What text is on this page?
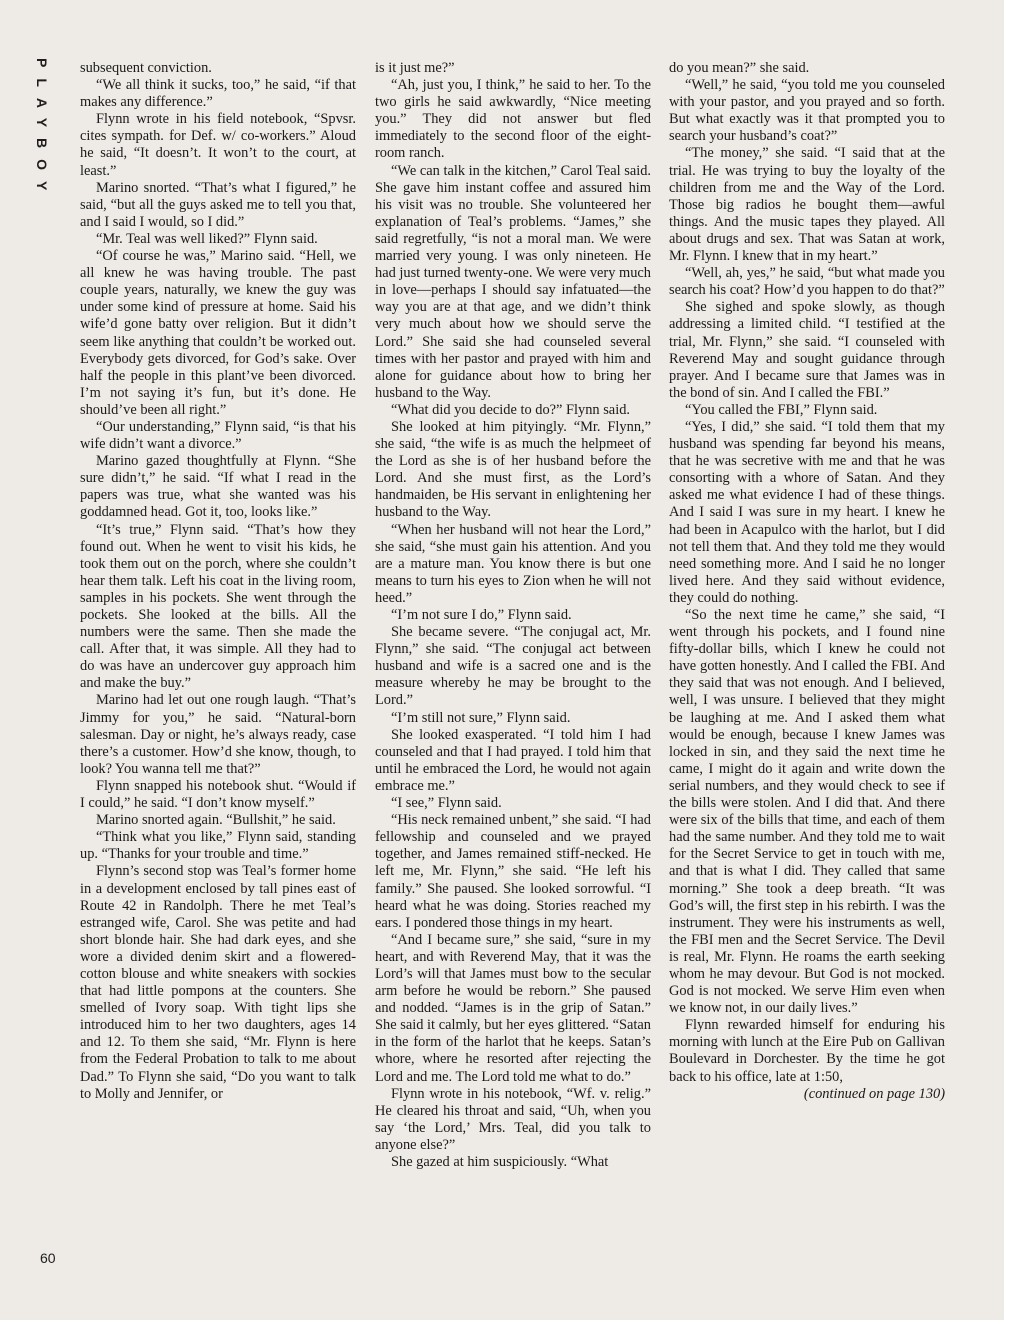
PLAYBOY subsequent conviction.

“We all think it sucks, too,” he said, “if that makes any difference.”

Flynn wrote in his field notebook, “Spvsr. cites sympath. for Def. w/ co-workers.” Aloud he said, “It doesn’t. It won’t to the court, at least.”

Marino snorted. “That’s what I figured,” he said, “but all the guys asked me to tell you that, and I said I would, so I did.”

“Mr. Teal was well liked?” Flynn said.

“Of course he was,” Marino said. “Hell, we all knew he was having trouble. The past couple years, naturally, we knew the guy was under some kind of pressure at home. Said his wife’d gone batty over religion. But it didn’t seem like anything that couldn’t be worked out. Everybody gets divorced, for God’s sake. Over half the people in this plant’ve been divorced. I’m not saying it’s fun, but it’s done. He should’ve been all right.”

“Our understanding,” Flynn said, “is that his wife didn’t want a divorce.”

Marino gazed thoughtfully at Flynn. “She sure didn’t,” he said. “If what I read in the papers was true, what she wanted was his goddamned head. Got it, too, looks like.”

“It’s true,” Flynn said. “That’s how they found out. When he went to visit his kids, he took them out on the porch, where she couldn’t hear them talk. Left his coat in the living room, samples in his pockets. She went through the pockets. She looked at the bills. All the numbers were the same. Then she made the call. After that, it was simple. All they had to do was have an undercover guy approach him and make the buy.”

Marino had let out one rough laugh. “That’s Jimmy for you,” he said. “Natural-born salesman. Day or night, he’s always ready, case there’s a customer. How’d she know, though, to look? You wanna tell me that?”

Flynn snapped his notebook shut. “Would if I could,” he said. “I don’t know myself.”

Marino snorted again. “Bullshit,” he said.

“Think what you like,” Flynn said, standing up. “Thanks for your trouble and time.”

Flynn’s second stop was Teal’s former home in a development enclosed by tall pines east of Route 42 in Randolph. There he met Teal’s estranged wife, Carol. She was petite and had short blonde hair. She had dark eyes, and she wore a divided denim skirt and a flowered-cotton blouse and white sneakers with sockies that had little pompons at the counters. She smelled of Ivory soap. With tight lips she introduced him to her two daughters, ages 14 and 12. To them she said, “Mr. Flynn is here from the Federal Probation to talk to me about Dad.” To Flynn she said, “Do you want to talk to Molly and Jennifer, or

is it just me?”

“Ah, just you, I think,” he said to her. To the two girls he said awkwardly, “Nice meeting you.” They did not answer but fled immediately to the second floor of the eight-room ranch.

“We can talk in the kitchen,” Carol Teal said. She gave him instant coffee and assured him his visit was no trouble. She volunteered her explanation of Teal’s problems. “James,” she said regretfully, “is not a moral man. We were married very young. I was only nineteen. He had just turned twenty-one. We were very much in love—perhaps I should say infatuated—the way you are at that age, and we didn’t think very much about how we should serve the Lord.” She said she had counseled several times with her pastor and prayed with him and alone for guidance about how to bring her husband to the Way.

“What did you decide to do?” Flynn said.

She looked at him pityingly. “Mr. Flynn,” she said, “the wife is as much the helpmeet of the Lord as she is of her husband before the Lord. And she must first, as the Lord’s handmaiden, be His servant in enlightening her husband to the Way.

“When her husband will not hear the Lord,” she said, “she must gain his attention. And you are a mature man. You know there is but one means to turn his eyes to Zion when he will not heed.”

“I’m not sure I do,” Flynn said.

She became severe. “The conjugal act, Mr. Flynn,” she said. “The conjugal act between husband and wife is a sacred one and is the measure whereby he may be brought to the Lord.”

“I’m still not sure,” Flynn said.

She looked exasperated. “I told him I had counseled and that I had prayed. I told him that until he embraced the Lord, he would not again embrace me.”

“I see,” Flynn said.

“His neck remained unbent,” she said. “I had fellowship and counseled and we prayed together, and James remained stiff-necked. He left me, Mr. Flynn,” she said. “He left his family.” She paused. She looked sorrowful. “I heard what he was doing. Stories reached my ears. I pondered those things in my heart.

“And I became sure,” she said, “sure in my heart, and with Reverend May, that it was the Lord’s will that James must bow to the secular arm before he would be reborn.” She paused and nodded. “James is in the grip of Satan.” She said it calmly, but her eyes glittered. “Satan in the form of the harlot that he keeps. Satan’s whore, where he resorted after rejecting the Lord and me. The Lord told me what to do.”

Flynn wrote in his notebook, “Wf. v. relig.” He cleared his throat and said, “Uh, when you say ‘the Lord,’ Mrs. Teal, did you talk to anyone else?”

She gazed at him suspiciously. “What

do you mean?” she said.

“Well,” he said, “you told me you counseled with your pastor, and you prayed and so forth. But what exactly was it that prompted you to search your husband’s coat?”

“The money,” she said. “I said that at the trial. He was trying to buy the loyalty of the children from me and the Way of the Lord. Those big radios he bought them—awful things. And the music tapes they played. All about drugs and sex. That was Satan at work, Mr. Flynn. I knew that in my heart.”

“Well, ah, yes,” he said, “but what made you search his coat? How’d you happen to do that?”

She sighed and spoke slowly, as though addressing a limited child. “I testified at the trial, Mr. Flynn,” she said. “I counseled with Reverend May and sought guidance through prayer. And I became sure that James was in the bond of sin. And I called the FBI.”

“You called the FBI,” Flynn said.

“Yes, I did,” she said. “I told them that my husband was spending far beyond his means, that he was secretive with me and that he was consorting with a whore of Satan. And they asked me what evidence I had of these things. And I said I was sure in my heart. I knew he had been in Acapulco with the harlot, but I did not tell them that. And they told me they would need something more. And I said he no longer lived here. And they said without evidence, they could do nothing.

“So the next time he came,” she said, “I went through his pockets, and I found nine fifty-dollar bills, which I knew he could not have gotten honestly. And I called the FBI. And they said that was not enough. And I believed, well, I was unsure. I believed that they might be laughing at me. And I asked them what would be enough, because I knew James was locked in sin, and they said the next time he came, I might do it again and write down the serial numbers, and they would check to see if the bills were stolen. And I did that. And there were six of the bills that time, and each of them had the same number. And they told me to wait for the Secret Service to get in touch with me, and that is what I did. They called that same morning.” She took a deep breath. “It was God’s will, the first step in his rebirth. I was the instrument. They were his instruments as well, the FBI men and the Secret Service. The Devil is real, Mr. Flynn. He roams the earth seeking whom he may devour. But God is not mocked. God is not mocked. We serve Him even when we know not, in our daily lives.”

Flynn rewarded himself for enduring his morning with lunch at the Eire Pub on Gallivan Boulevard in Dorchester. By the time he got back to his office, late at 1:50,

(continued on page 130)

60
